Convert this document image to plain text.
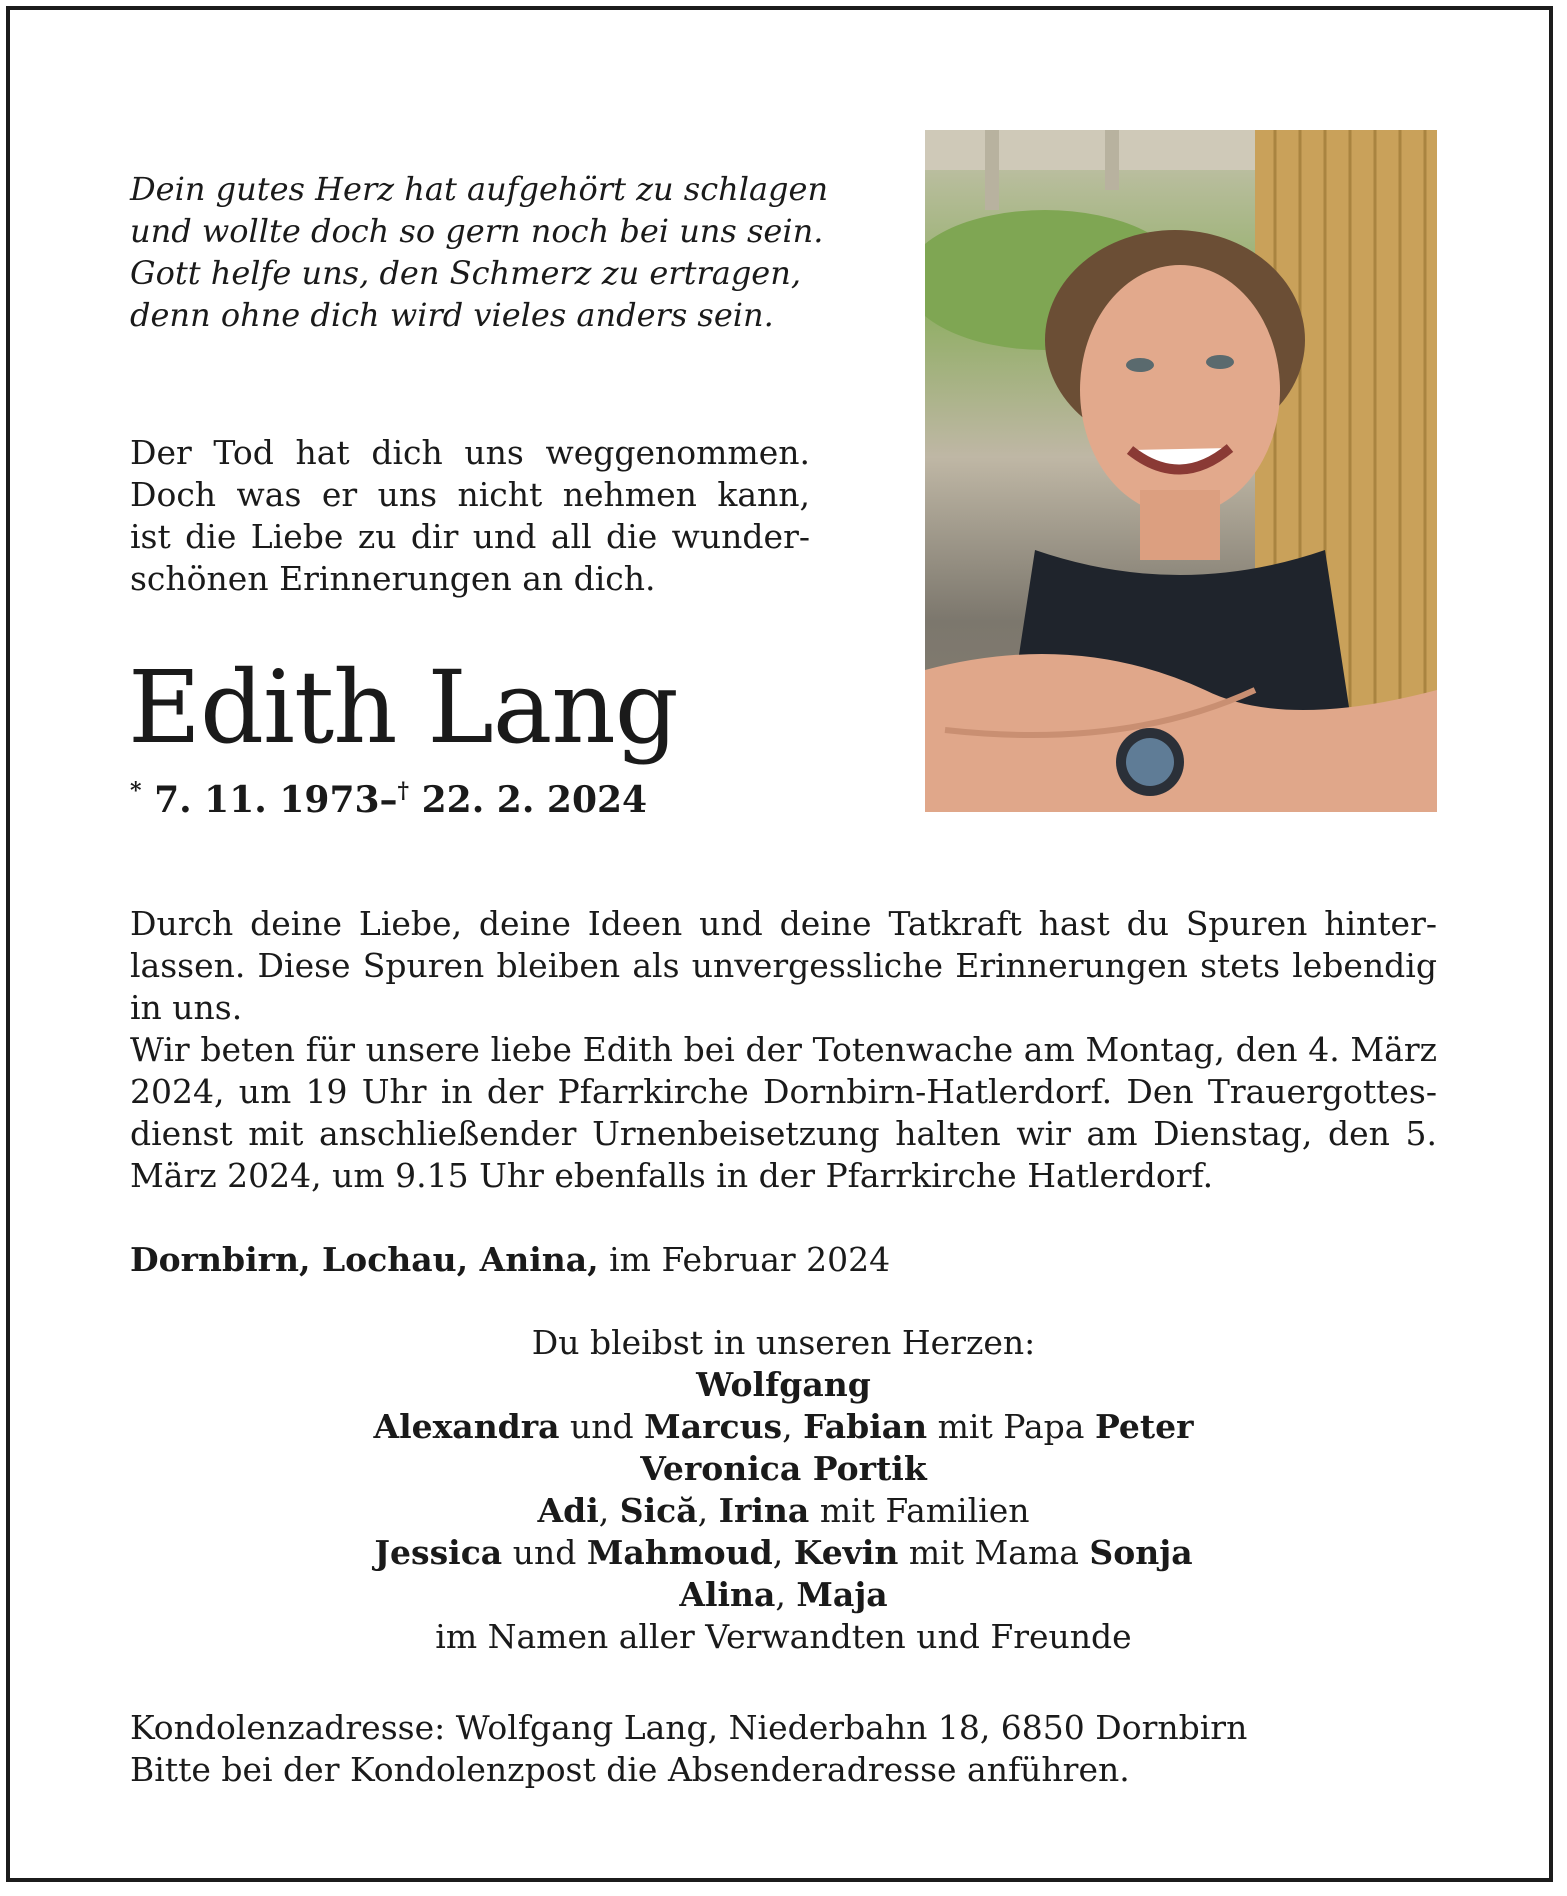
Dein gutes Herz hat aufgehört zu schlagen
und wollte doch so gern noch bei uns sein.
Gott helfe uns, den Schmerz zu ertragen,
denn ohne dich wird vieles anders sein.
Der Tod hat dich uns weggenommen.
Doch was er uns nicht nehmen kann,
ist die Liebe zu dir und all die wunder-
schönen Erinnerungen an dich.
Edith Lang
* 7. 11. 1973–† 22. 2. 2024

Durch deine Liebe, deine Ideen und deine Tatkraft hast du Spuren hinter-lassen. Diese Spuren bleiben als unvergessliche Erinnerungen stets lebendig in uns.

Wir beten für unsere liebe Edith bei der Totenwache am Montag, den 4. März 2024, um 19 Uhr in der Pfarrkirche Dornbirn-Hatlerdorf. Den Trauergottes-dienst mit anschließender Urnenbeisetzung halten wir am Dienstag, den 5. März 2024, um 9.15 Uhr ebenfalls in der Pfarrkirche Hatlerdorf.

Dornbirn, Lochau, Anina, im Februar 2024
Du bleibst in unseren Herzen:
Wolfgang
Alexandra und Marcus, Fabian mit Papa Peter
Veronica Portik
Adi, Sică, Irina mit Familien
Jessica und Mahmoud, Kevin mit Mama Sonja
Alina, Maja
im Namen aller Verwandten und Freunde
Kondolenzadresse: Wolfgang Lang, Niederbahn 18, 6850 Dornbirn
Bitte bei der Kondolenzpost die Absenderadresse anführen.
